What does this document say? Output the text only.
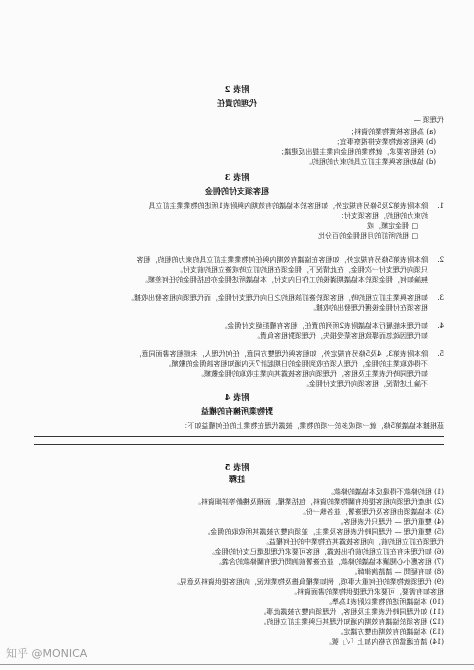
附表 2
代理的責任
代理須 —
(a) 為租客核實物業的資料；
(b) 與租客就物業安排視察事宜；
(c) 按租客要求，就物業的租金向業主提出反建議；
(d) 協助租客與業主訂立具約束力的租約。
附表 3
租客須支付的佣金
1.
除本附表第2及5條另有規定外，如租客於本協議的有效期內與附表1所述的物業業主訂立具
約束力的租約，租客須支付：
□ 佣金定額，或
□ 租約所訂的月租佣金的百分比
2.
除本附表第5條另有規定外，如租客在協議有效期內與任何物業業主訂立具約束力的租約，租客
只須向代理支付一次佣金，在此情況下，佣金須在租約訂立時或簽立租約前支付。
無論如何，佣金須於本協議期滿後的工作日內支付，本協議所述佣金亦包括佣金的任何差額。
3.
如租客與業主訂立租約時，租客須於簽訂該租約之日向代理支付佣金，而代理須向租客發出收據。
租客須在付佣金後獲代理發出的收據。
4.
如代理未能履行本協議附表2所列的責任，租客有權拒絕支付佣金。
如代理因疏忽而導致租客蒙受損失，代理須對租客負責。
5.
除本附表第3、4及5條另有規定外，如租客與代理雙方同意，任何代理人，未經租客書面同意，
不得收取業主的佣金，代理人須在收到佣金的日期起計7天內通知租客該佣金的數額。
如代理同時代表業主及租客，代理須向租客披露其向業主收取的佣金數額。
不論上述情況，租客須向代理支付佣金。
附表 4
對物業所擁有的權益
茲根據本協議第5條，就一項或多於一項的物業，披露代理在物業上的任何權益如下：
附表 5
註釋
(1) 租約條款不得違反本協議的條款。
(2) 地產代理須向租客提供有關物業的資料，包括業權、面積及樓齡等詳細資料。
(3) 本協議須由租客及代理簽署，並各執一份。
(4) 雙重代理 — 代理只代表租客。
(5) 雙重代理 — 代理同時代表租客及業主，並須向雙方披露其所收取的佣金。
代理須在訂立租約前，向租客披露其在物業中的任何權益。
(6) 如代理未有在訂立租約前作出披露，租客可要求代理退還已支付的佣金。
(7) 租客應小心閱讀本協議的條款，並在簽署前詢問代理有關條款的含義。
(8) 如有疑問 — 請諮詢律師。
(9) 代理須就物業的任何重大事項，例如業權負擔及物業狀況，向租客提供資料及意見。
租客如有需要，可要求代理提供物業的書面資料。
(10) 本協議所述的物業以附表1為準。
(11) 如代理同時代表業主及租客，代理須向雙方披露此事。
(12) 租客須於協議有效期內通知代理其已與業主訂立租約。
(13) 本協議的有效期由雙方議定。
(14) 請在適當的方格內加上「✓」號。
知乎 @MONICA
